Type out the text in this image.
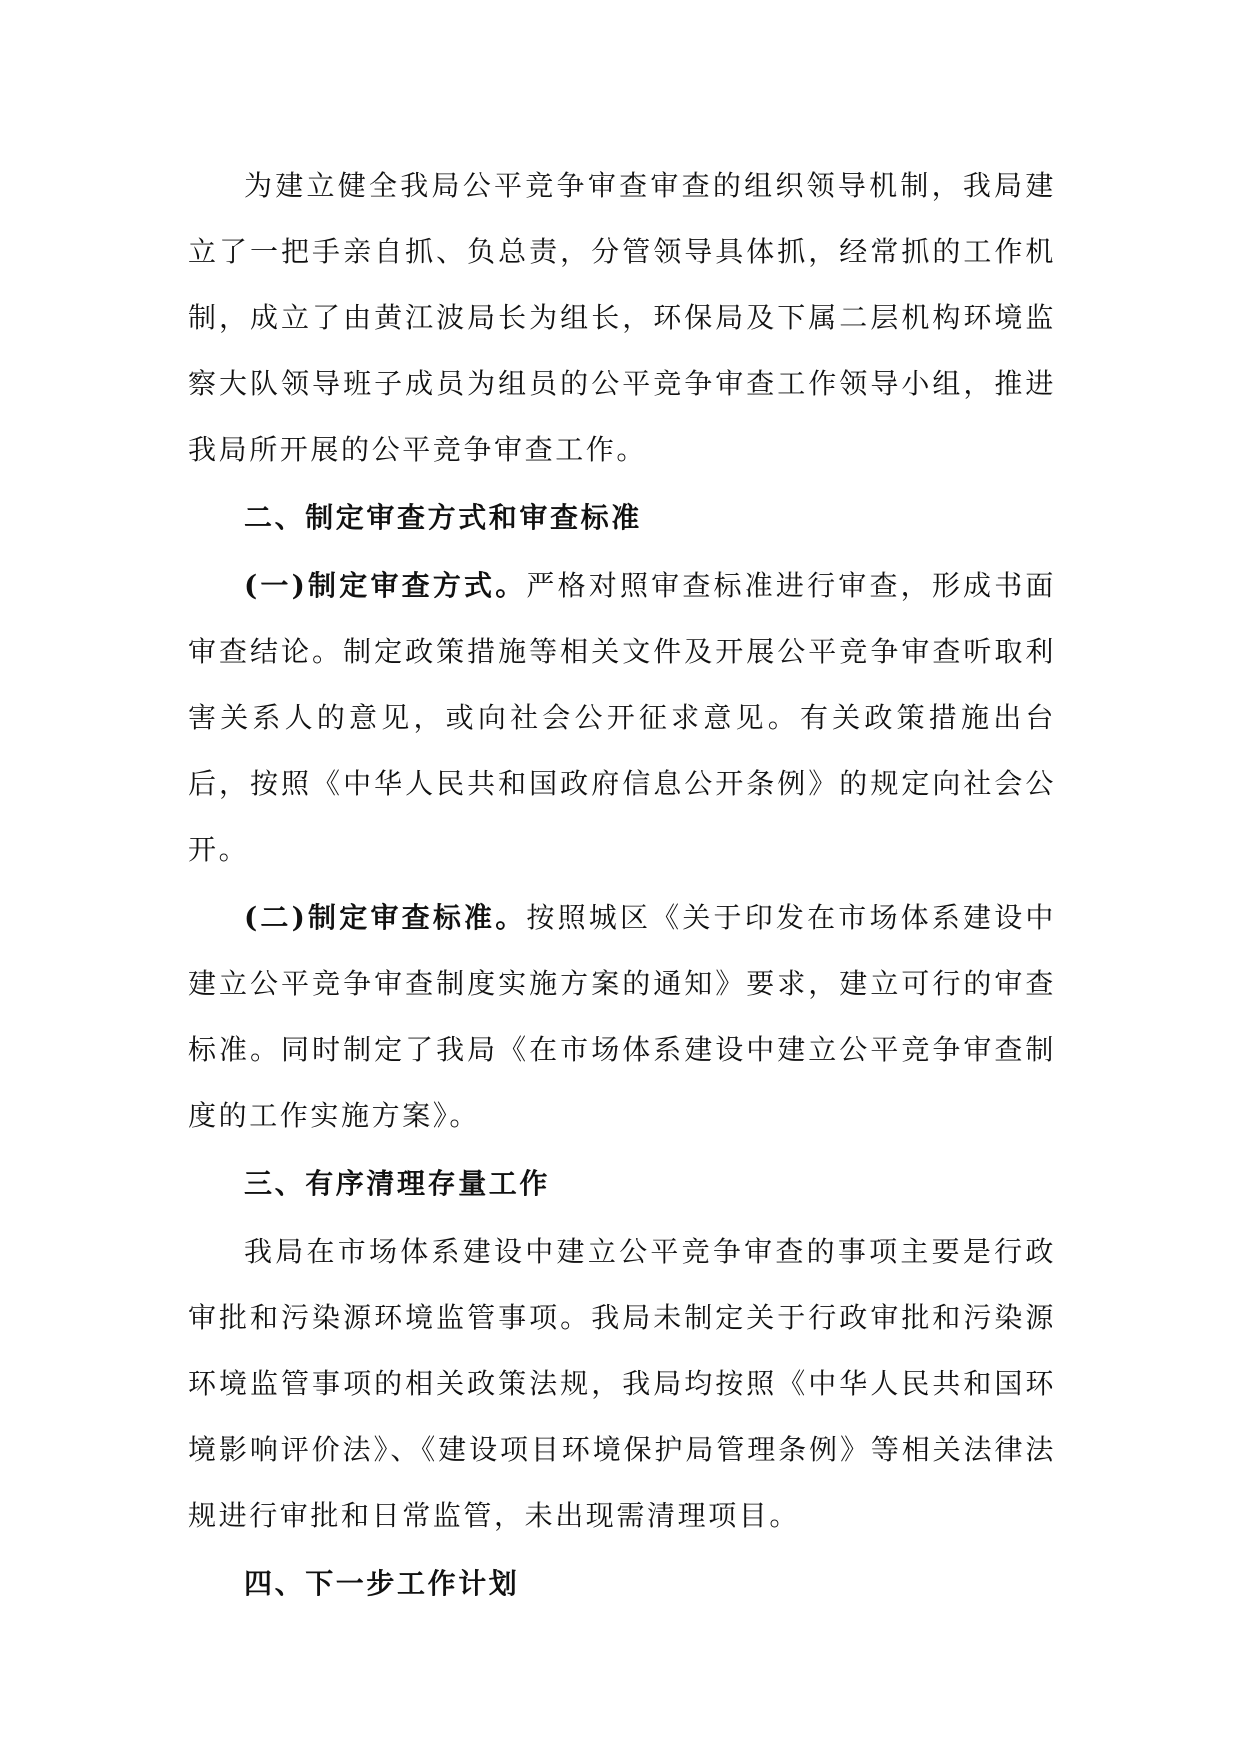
为建立健全我局公平竞争审查审查的组织领导机制，我局建立了一把手亲自抓、负总责，分管领导具体抓，经常抓的工作机制，成立了由黄江波局长为组长，环保局及下属二层机构环境监察大队领导班子成员为组员的公平竞争审查工作领导小组，推进我局所开展的公平竞争审查工作。

二、制定审查方式和审查标准

(一)制定审查方式。严格对照审查标准进行审查，形成书面审查结论。制定政策措施等相关文件及开展公平竞争审查听取利害关系人的意见，或向社会公开征求意见。有关政策措施出台后，按照《中华人民共和国政府信息公开条例》的规定向社会公开。

(二)制定审查标准。按照城区《关于印发在市场体系建设中建立公平竞争审查制度实施方案的通知》要求，建立可行的审查标准。同时制定了我局《在市场体系建设中建立公平竞争审查制度的工作实施方案》。

三、有序清理存量工作

我局在市场体系建设中建立公平竞争审查的事项主要是行政审批和污染源环境监管事项。我局未制定关于行政审批和污染源环境监管事项的相关政策法规，我局均按照《中华人民共和国环境影响评价法》、《建设项目环境保护局管理条例》等相关法律法规进行审批和日常监管，未出现需清理项目。

四、下一步工作计划
